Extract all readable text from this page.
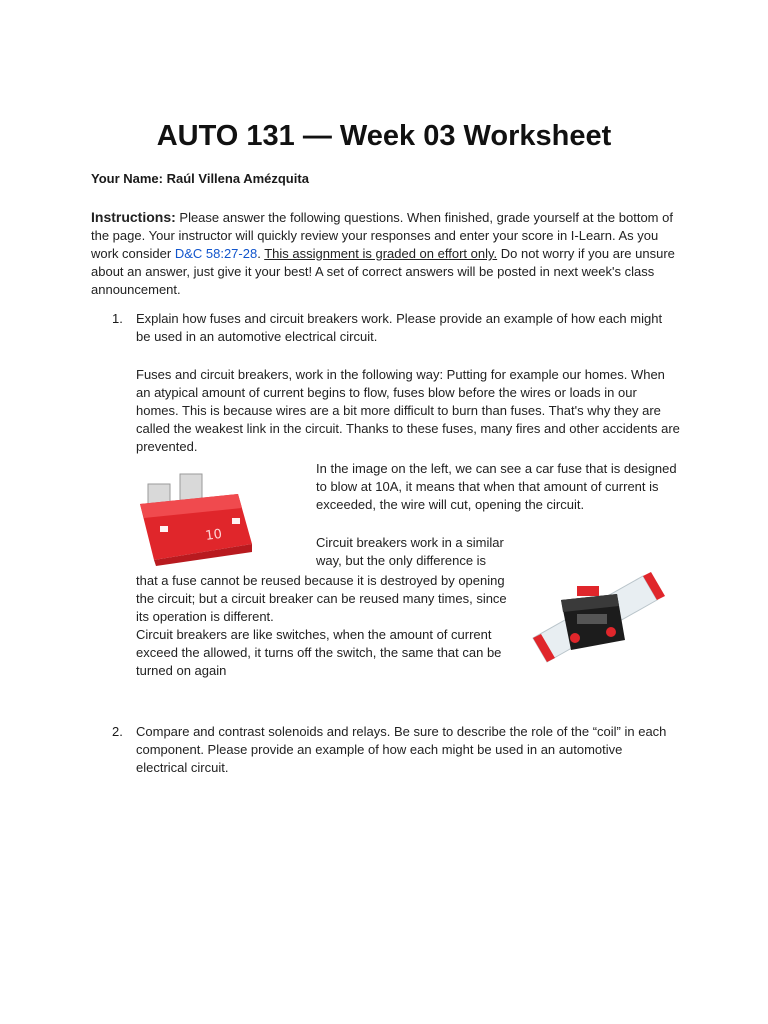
AUTO 131 — Week 03 Worksheet
Your Name: Raúl Villena Amézquita
Instructions: Please answer the following questions. When finished, grade yourself at the bottom of the page. Your instructor will quickly review your responses and enter your score in I-Learn. As you work consider D&C 58:27-28. This assignment is graded on effort only. Do not worry if you are unsure about an answer, just give it your best! A set of correct answers will be posted in next week's class announcement.
1. Explain how fuses and circuit breakers work. Please provide an example of how each might be used in an automotive electrical circuit.
Fuses and circuit breakers, work in the following way: Putting for example our homes. When an atypical amount of current begins to flow, fuses blow before the wires or loads in our homes. This is because wires are a bit more difficult to burn than fuses. That's why they are called the weakest link in the circuit. Thanks to these fuses, many fires and other accidents are prevented.
10
In the image on the left, we can see a car fuse that is designed to blow at 10A, it means that when that amount of current is exceeded, the wire will cut, opening the circuit.
Circuit breakers work in a similar way, but the only difference is
that a fuse cannot be reused because it is destroyed by opening the circuit; but a circuit breaker can be reused many times, since its operation is different.
Circuit breakers are like switches, when the amount of current exceed the allowed, it turns off the switch, the same that can be turned on again
2. Compare and contrast solenoids and relays. Be sure to describe the role of the “coil” in each component. Please provide an example of how each might be used in an automotive electrical circuit.
